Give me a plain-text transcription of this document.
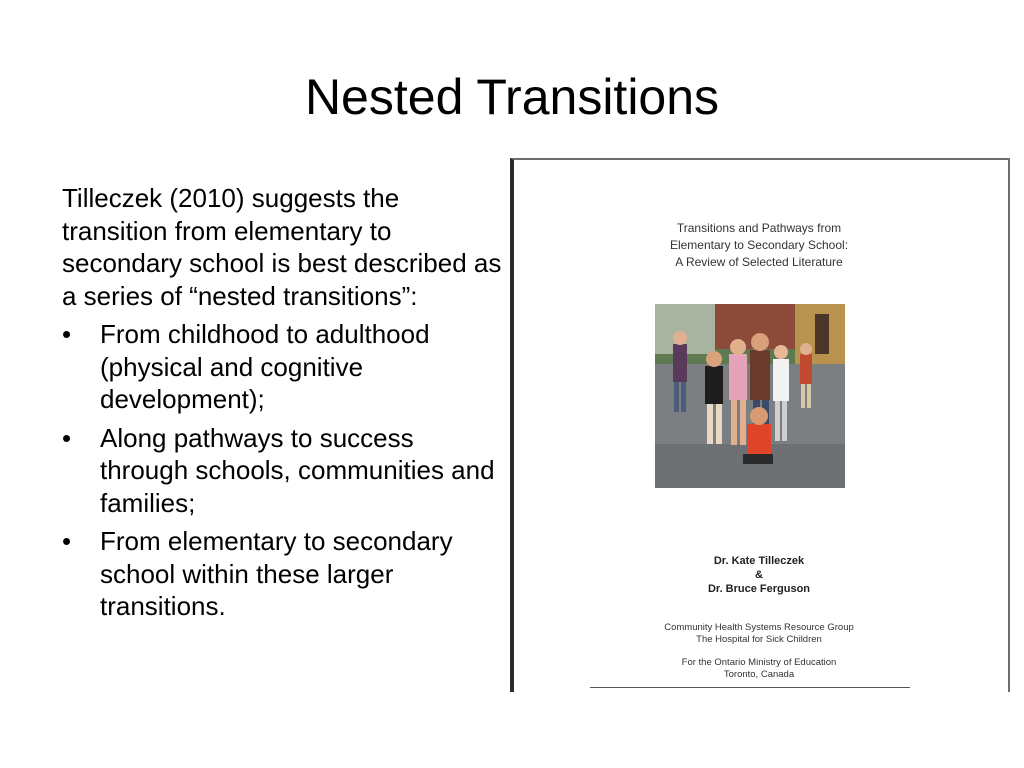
Nested Transitions

Tilleczek (2010) suggests the transition from elementary to secondary school is best described as a series of “nested transitions”:

•	From childhood to adulthood (physical and cognitive development);
•	Along pathways to success through schools, communities and families;
•	From elementary to secondary school within these larger transitions.
Transitions and Pathways from
Elementary to Secondary School:
A Review of Selected Literature
Dr. Kate Tilleczek
&
Dr. Bruce Ferguson
Community Health Systems Resource Group
The Hospital for Sick Children
For the Ontario Ministry of Education
Toronto, Canada
